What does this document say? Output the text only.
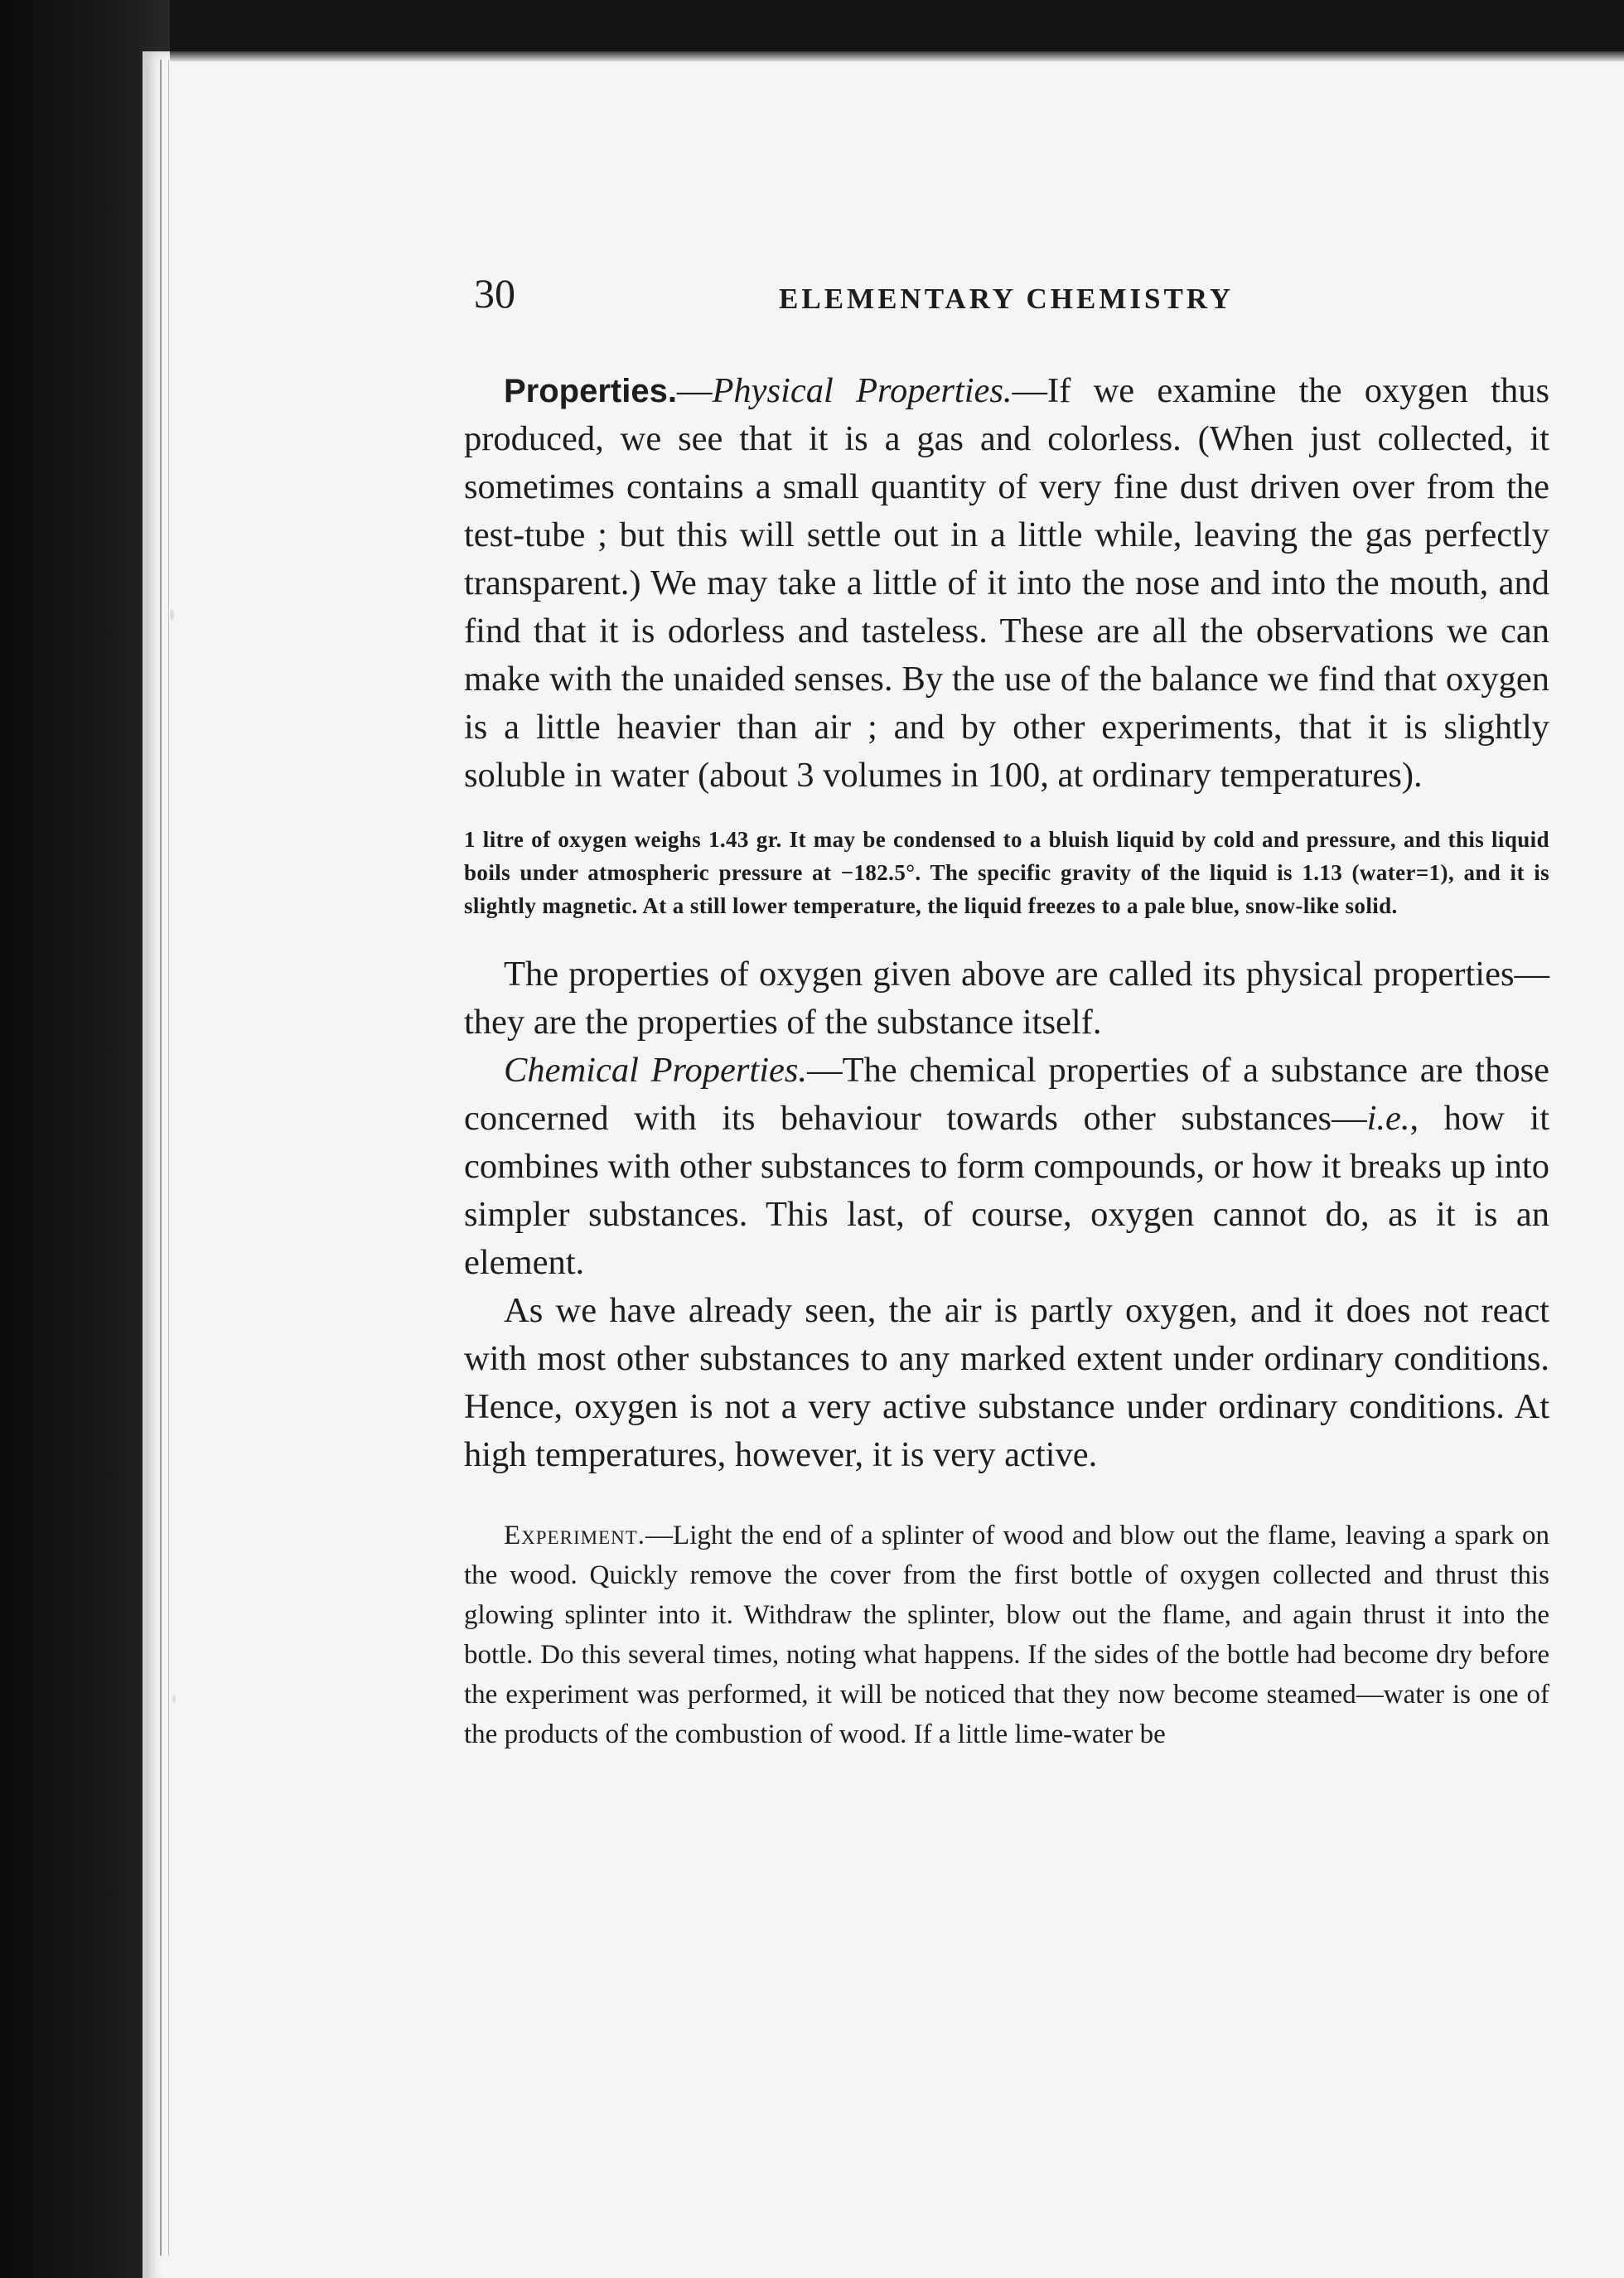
30	ELEMENTARY CHEMISTRY

Properties.—Physical Properties.—If we examine the oxygen thus produced, we see that it is a gas and colorless. (When just collected, it sometimes contains a small quantity of very fine dust driven over from the test-tube ; but this will settle out in a little while, leaving the gas perfectly transparent.) We may take a little of it into the nose and into the mouth, and find that it is odorless and tasteless. These are all the observations we can make with the unaided senses. By the use of the balance we find that oxygen is a little heavier than air ; and by other experiments, that it is slightly soluble in water (about 3 volumes in 100, at ordinary temperatures).

1 litre of oxygen weighs 1.43 gr. It may be condensed to a bluish liquid by cold and pressure, and this liquid boils under atmospheric pressure at −182.5°. The specific gravity of the liquid is 1.13 (water=1), and it is slightly magnetic. At a still lower temperature, the liquid freezes to a pale blue, snow-like solid.

The properties of oxygen given above are called its physical properties—they are the properties of the substance itself.

Chemical Properties.—The chemical properties of a substance are those concerned with its behaviour towards other substances—i.e., how it combines with other substances to form compounds, or how it breaks up into simpler substances. This last, of course, oxygen cannot do, as it is an element.

As we have already seen, the air is partly oxygen, and it does not react with most other substances to any marked extent under ordinary conditions. Hence, oxygen is not a very active substance under ordinary conditions. At high temperatures, however, it is very active.

Experiment.—Light the end of a splinter of wood and blow out the flame, leaving a spark on the wood. Quickly remove the cover from the first bottle of oxygen collected and thrust this glowing splinter into it. Withdraw the splinter, blow out the flame, and again thrust it into the bottle. Do this several times, noting what happens. If the sides of the bottle had become dry before the experiment was performed, it will be noticed that they now become steamed—water is one of the products of the combustion of wood. If a little lime-water be
